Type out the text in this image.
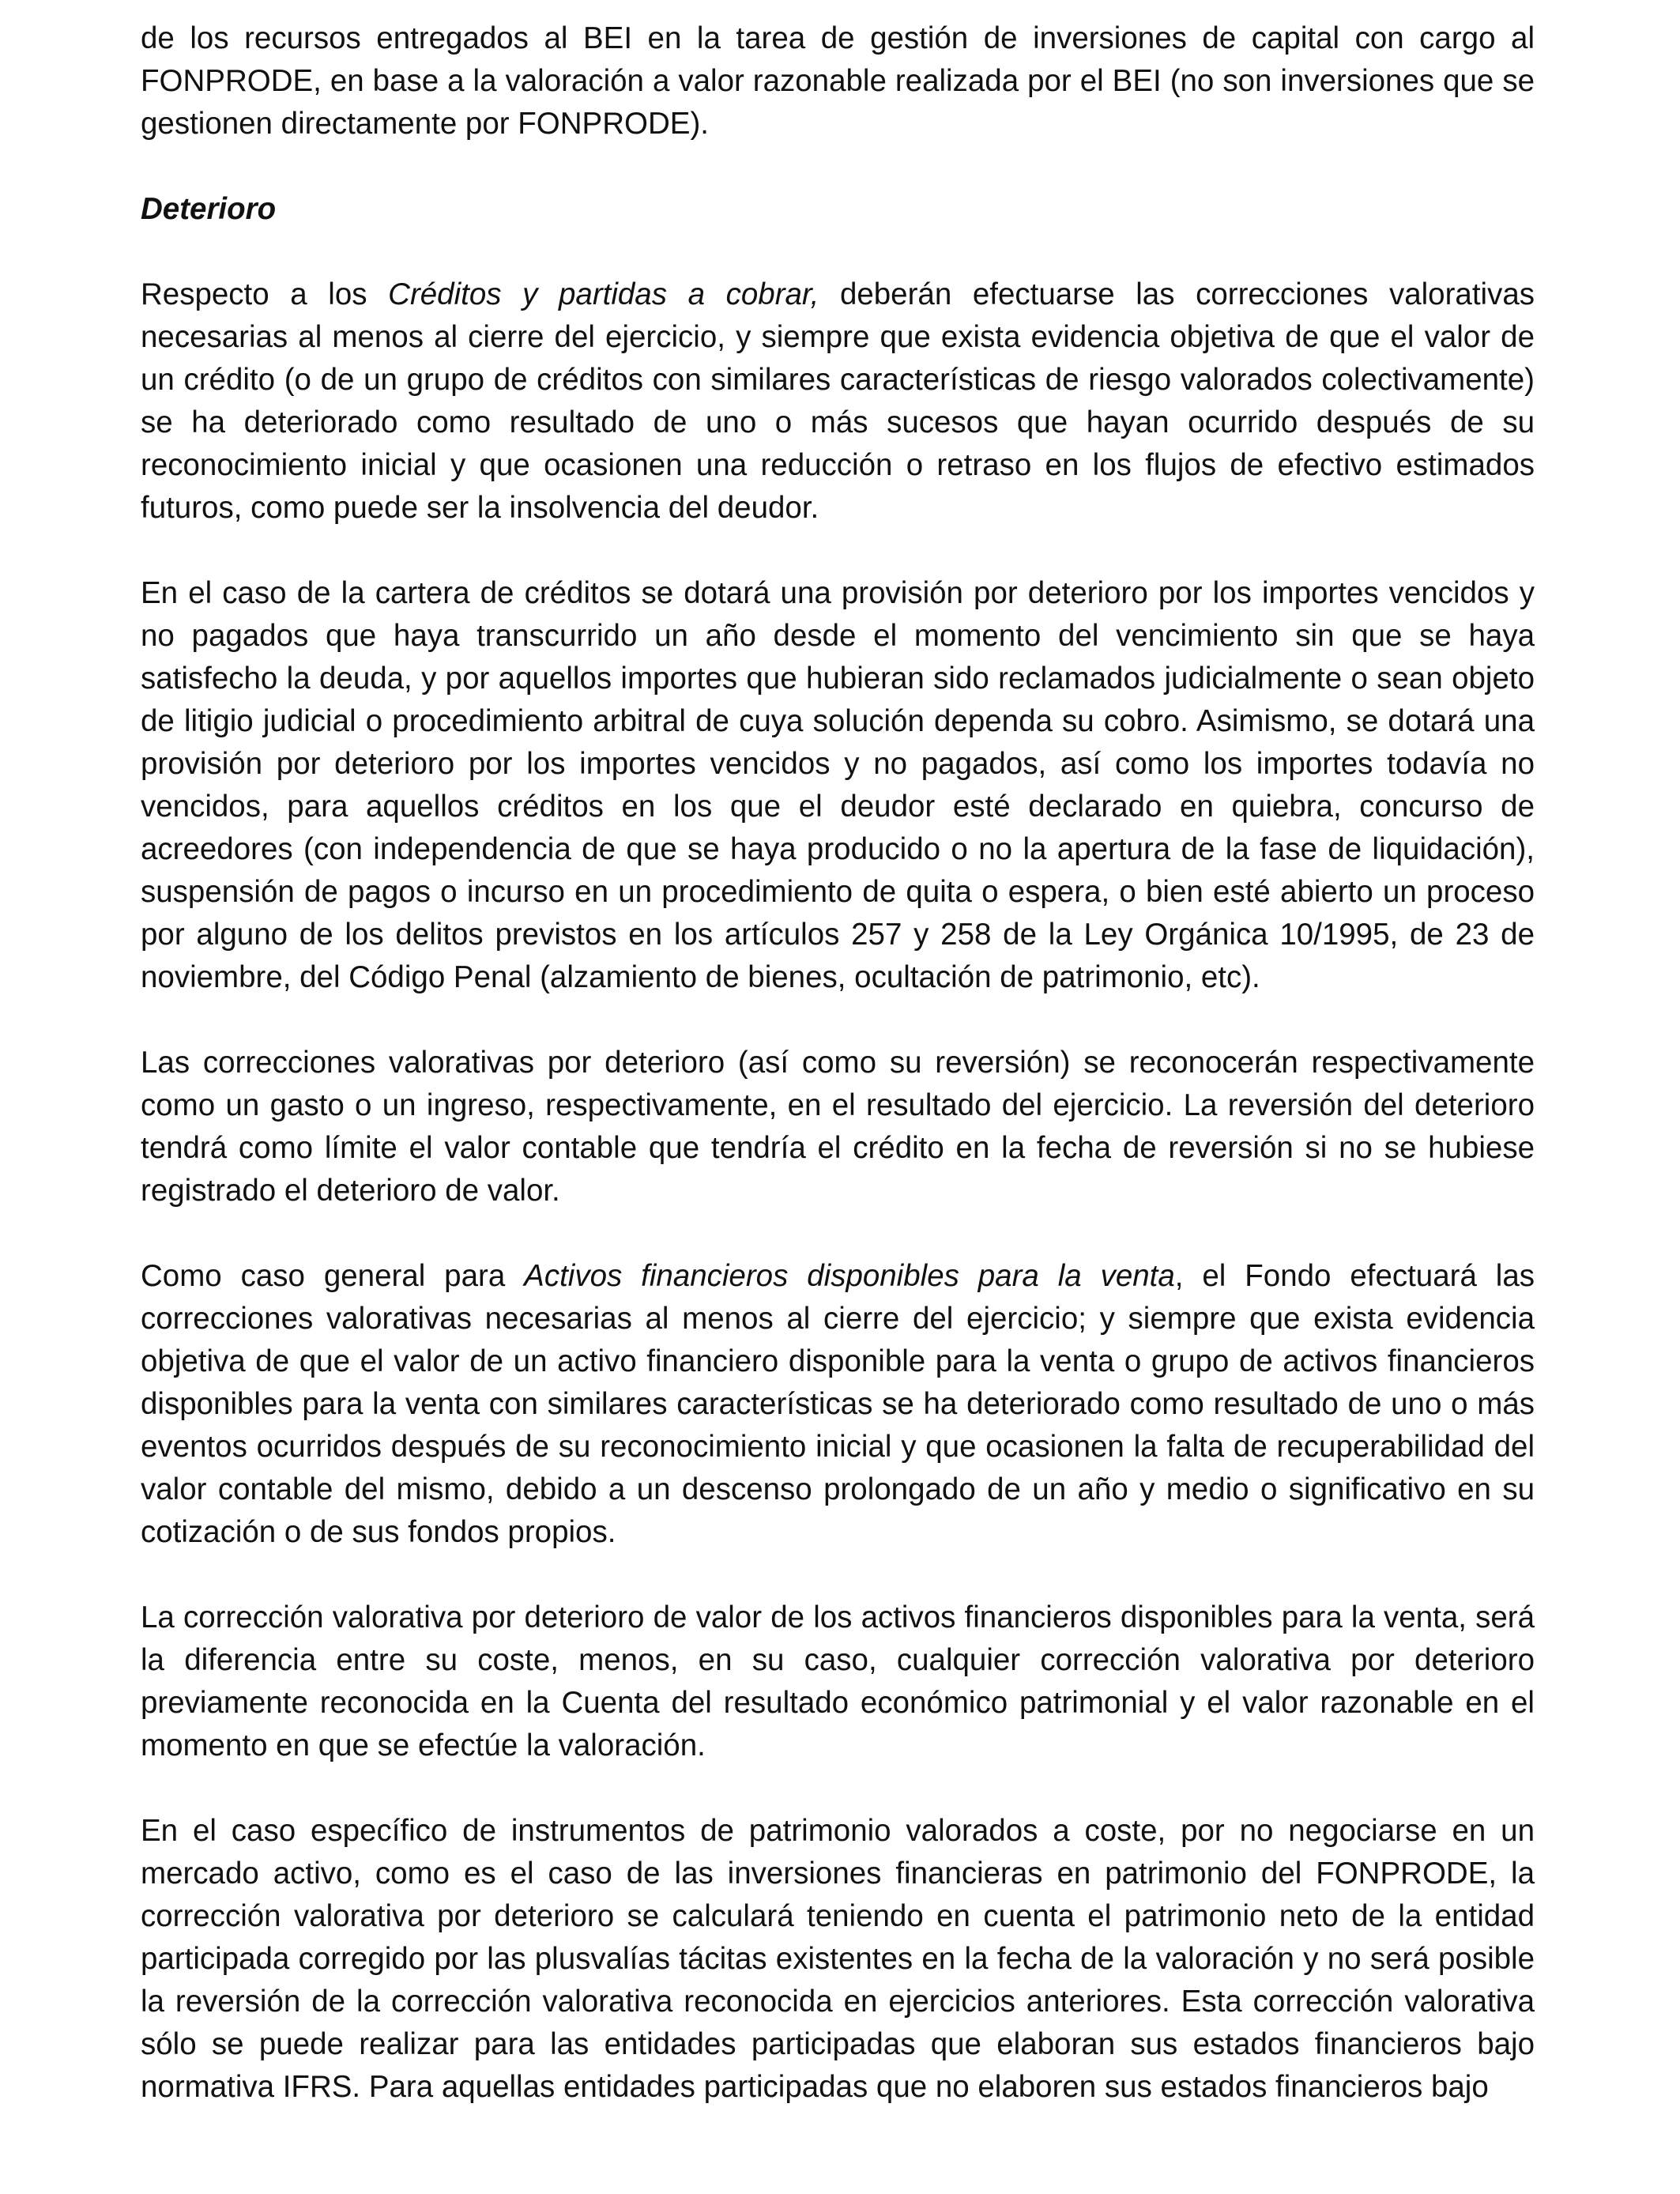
de los recursos entregados al BEI en la tarea de gestión de inversiones de capital con cargo al FONPRODE, en base a la valoración a valor razonable realizada por el BEI (no son inversiones que se gestionen directamente por FONPRODE).

Deterioro

Respecto a los Créditos y partidas a cobrar, deberán efectuarse las correcciones valorativas necesarias al menos al cierre del ejercicio, y siempre que exista evidencia objetiva de que el valor de un crédito (o de un grupo de créditos con similares características de riesgo valorados colectivamente) se ha deteriorado como resultado de uno o más sucesos que hayan ocurrido después de su reconocimiento inicial y que ocasionen una reducción o retraso en los flujos de efectivo estimados futuros, como puede ser la insolvencia del deudor.

En el caso de la cartera de créditos se dotará una provisión por deterioro por los importes vencidos y no pagados que haya transcurrido un año desde el momento del vencimiento sin que se haya satisfecho la deuda, y por aquellos importes que hubieran sido reclamados judicialmente o sean objeto de litigio judicial o procedimiento arbitral de cuya solución dependa su cobro. Asimismo, se dotará una provisión por deterioro por los importes vencidos y no pagados, así como los importes todavía no vencidos, para aquellos créditos en los que el deudor esté declarado en quiebra, concurso de acreedores (con independencia de que se haya producido o no la apertura de la fase de liquidación), suspensión de pagos o incurso en un procedimiento de quita o espera, o bien esté abierto un proceso por alguno de los delitos previstos en los artículos 257 y 258 de la Ley Orgánica 10/1995, de 23 de noviembre, del Código Penal (alzamiento de bienes, ocultación de patrimonio, etc).

Las correcciones valorativas por deterioro (así como su reversión) se reconocerán respectivamente como un gasto o un ingreso, respectivamente, en el resultado del ejercicio. La reversión del deterioro tendrá como límite el valor contable que tendría el crédito en la fecha de reversión si no se hubiese registrado el deterioro de valor.

Como caso general para Activos financieros disponibles para la venta, el Fondo efectuará las correcciones valorativas necesarias al menos al cierre del ejercicio; y siempre que exista evidencia objetiva de que el valor de un activo financiero disponible para la venta o grupo de activos financieros disponibles para la venta con similares características se ha deteriorado como resultado de uno o más eventos ocurridos después de su reconocimiento inicial y que ocasionen la falta de recuperabilidad del valor contable del mismo, debido a un descenso prolongado de un año y medio o significativo en su cotización o de sus fondos propios.

La corrección valorativa por deterioro de valor de los activos financieros disponibles para la venta, será la diferencia entre su coste, menos, en su caso, cualquier corrección valorativa por deterioro previamente reconocida en la Cuenta del resultado económico patrimonial y el valor razonable en el momento en que se efectúe la valoración.

En el caso específico de instrumentos de patrimonio valorados a coste, por no negociarse en un mercado activo, como es el caso de las inversiones financieras en patrimonio del FONPRODE, la corrección valorativa por deterioro se calculará teniendo en cuenta el patrimonio neto de la entidad participada corregido por las plusvalías tácitas existentes en la fecha de la valoración y no será posible la reversión de la corrección valorativa reconocida en ejercicios anteriores. Esta corrección valorativa sólo se puede realizar para las entidades participadas que elaboran sus estados financieros bajo normativa IFRS. Para aquellas entidades participadas que no elaboren sus estados financieros bajo
